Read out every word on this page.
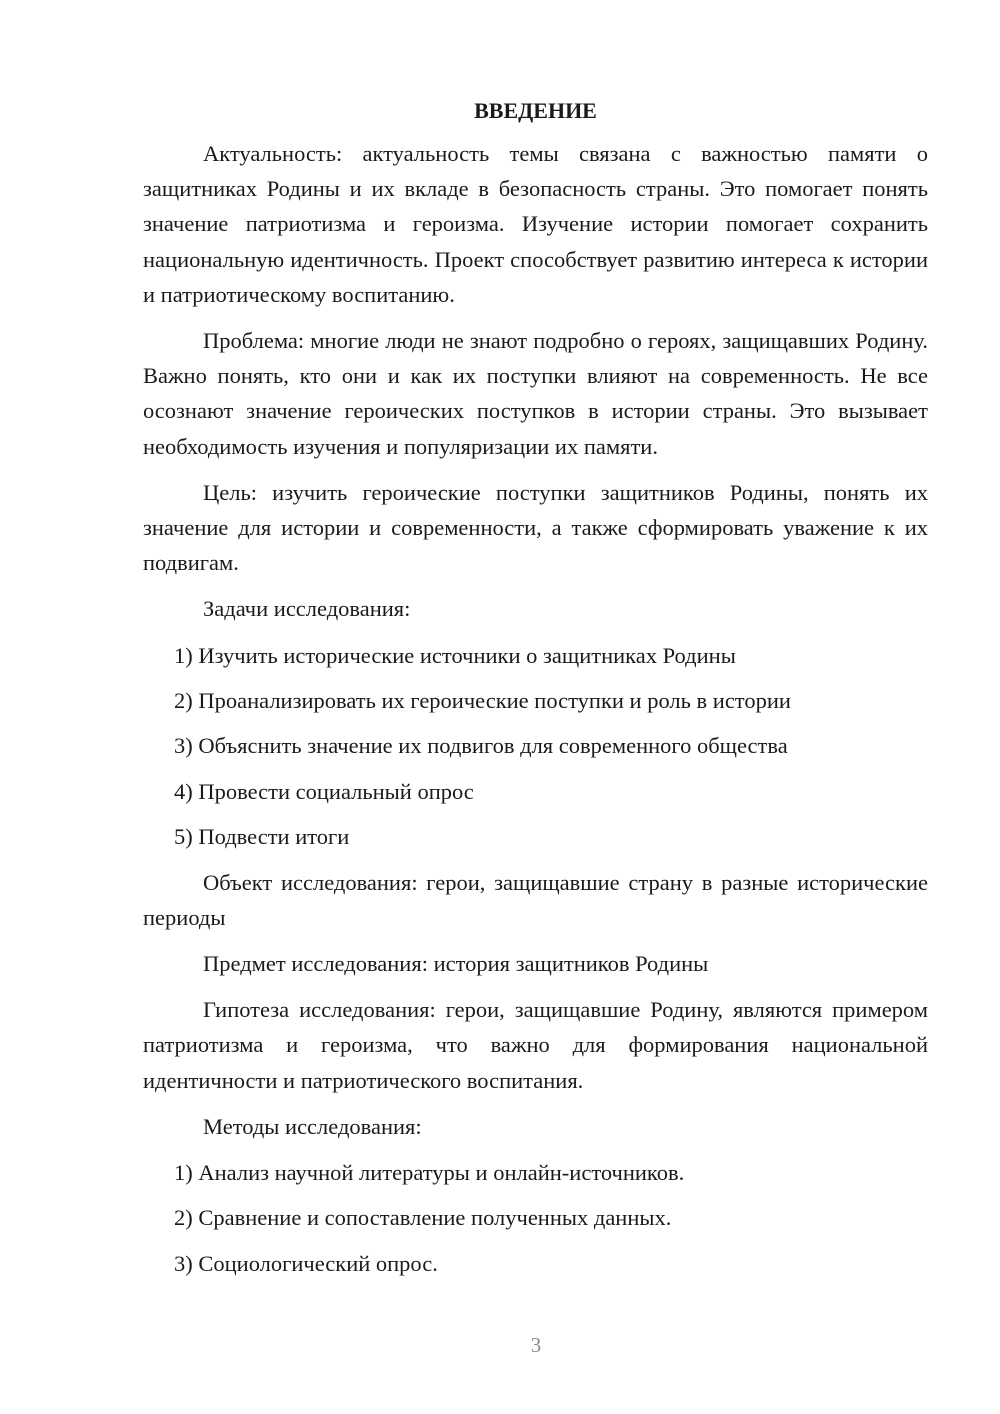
ВВЕДЕНИЕ

Актуальность: актуальность темы связана с важностью памяти о защитниках Родины и их вкладе в безопасность страны. Это помогает понять значение патриотизма и героизма. Изучение истории помогает сохранить национальную идентичность. Проект способствует развитию интереса к истории и патриотическому воспитанию.

Проблема: многие люди не знают подробно о героях, защищавших Родину. Важно понять, кто они и как их поступки влияют на современность. Не все осознают значение героических поступков в истории страны. Это вызывает необходимость изучения и популяризации их памяти.

Цель: изучить героические поступки защитников Родины, понять их значение для истории и современности, а также сформировать уважение к их подвигам.

Задачи исследования:

1) Изучить исторические источники о защитниках Родины
2) Проанализировать их героические поступки и роль в истории
3) Объяснить значение их подвигов для современного общества
4) Провести социальный опрос
5) Подвести итоги

Объект исследования: герои, защищавшие страну в разные исторические периоды

Предмет исследования: история защитников Родины

Гипотеза исследования: герои, защищавшие Родину, являются примером патриотизма и героизма, что важно для формирования национальной идентичности и патриотического воспитания.

Методы исследования:

1) Анализ научной литературы и онлайн-источников.
2) Сравнение и сопоставление полученных данных.
3) Социологический опрос.
3
